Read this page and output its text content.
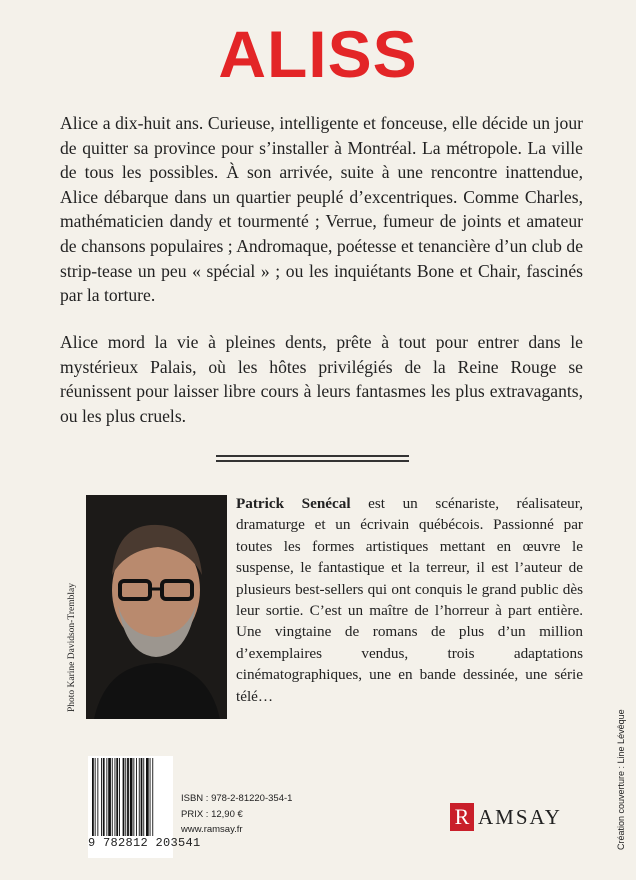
ALISS

Alice a dix-huit ans. Curieuse, intelligente et fonceuse, elle décide un jour de quitter sa province pour s’installer à Montréal. La métropole. La ville de tous les possibles. À son arrivée, suite à une rencontre inattendue, Alice débarque dans un quartier peuplé d’excentriques. Comme Charles, mathématicien dandy et tourmenté ; Verrue, fumeur de joints et amateur de chansons populaires ; Andromaque, poétesse et tenancière d’un club de strip-tease un peu « spécial » ; ou les inquiétants Bone et Chair, fascinés par la torture.

Alice mord la vie à pleines dents, prête à tout pour entrer dans le mystérieux Palais, où les hôtes privilégiés de la Reine Rouge se réunissent pour laisser libre cours à leurs fantasmes les plus extravagants, ou les plus cruels.

Photo Karine Davidson-Tremblay

Patrick Senécal est un scénariste, réalisateur, dramaturge et un écrivain québécois. Passionné par toutes les formes artistiques mettant en œuvre le suspense, le fantastique et la terreur, il est l’auteur de plusieurs best-sellers qui ont conquis le grand public dès leur sortie. C’est un maître de l’horreur à part entière. Une vingtaine de romans de plus d’un million d’exemplaires vendus, trois adaptations cinématographiques, une en bande dessinée, une série télé…

Création couverture : Line Lévêque
9 782812 203541
ISBN : 978-2-81220-354-1
PRIX : 12,90 €
www.ramsay.fr
R AMSAY
